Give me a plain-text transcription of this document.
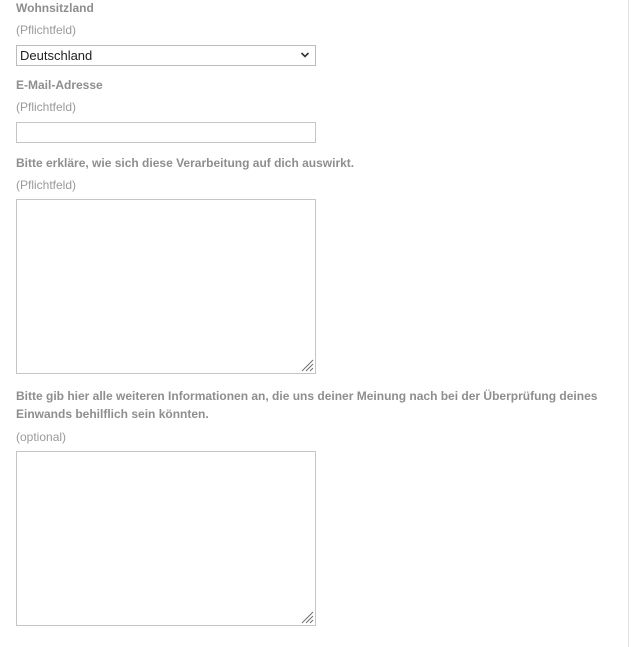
Wohnsitzland
(Pflichtfeld)
Deutschland
E-Mail-Adresse
(Pflichtfeld)
Bitte erkläre, wie sich diese Verarbeitung auf dich auswirkt.
(Pflichtfeld)
Bitte gib hier alle weiteren Informationen an, die uns deiner Meinung nach bei der Überprüfung deines Einwands behilflich sein könnten.
(optional)
